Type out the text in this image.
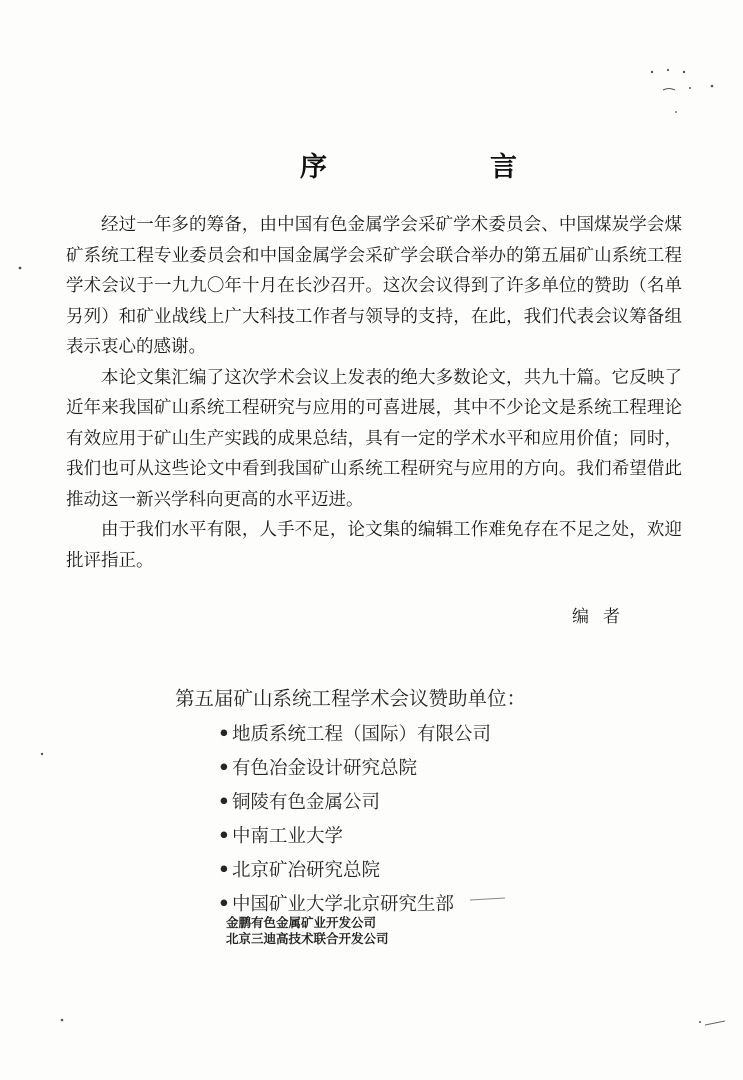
序　言

经过一年多的筹备，由中国有色金属学会采矿学术委员会、中国煤炭学会煤矿系统工程专业委员会和中国金属学会采矿学会联合举办的第五届矿山系统工程学术会议于一九九〇年十月在长沙召开。这次会议得到了许多单位的赞助（名单另列）和矿业战线上广大科技工作者与领导的支持，在此，我们代表会议筹备组表示衷心的感谢。

本论文集汇编了这次学术会议上发表的绝大多数论文，共九十篇。它反映了近年来我国矿山系统工程研究与应用的可喜进展，其中不少论文是系统工程理论有效应用于矿山生产实践的成果总结，具有一定的学术水平和应用价值；同时，我们也可从这些论文中看到我国矿山系统工程研究与应用的方向。我们希望借此推动这一新兴学科向更高的水平迈进。

由于我们水平有限，人手不足，论文集的编辑工作难免存在不足之处，欢迎批评指正。

编者
第五届矿山系统工程学术会议赞助单位：
• 地质系统工程（国际）有限公司
• 有色冶金设计研究总院
• 铜陵有色金属公司
• 中南工业大学
• 北京矿冶研究总院
• 中国矿业大学北京研究生部
金鹏有色金属矿业开发公司
北京三迪高技术联合开发公司
